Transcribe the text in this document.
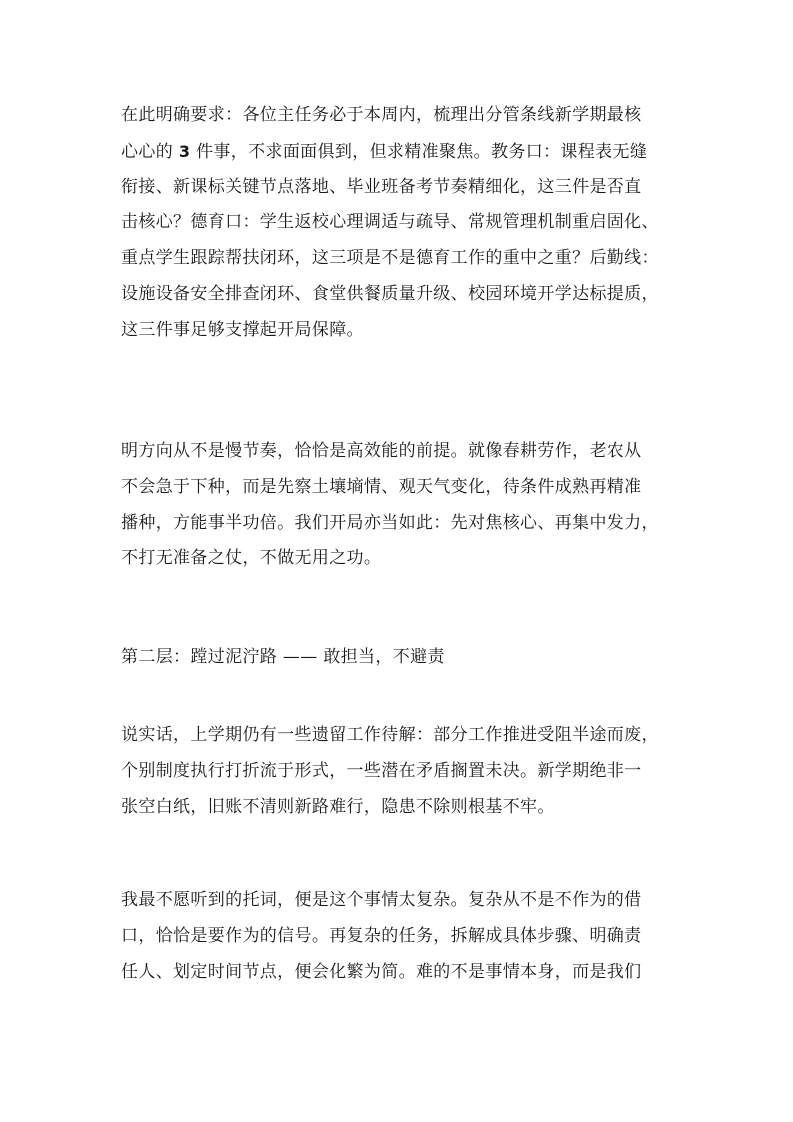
在此明确要求：各位主任务必于本周内，梳理出分管条线新学期最核
心心的 3 件事，不求面面俱到，但求精准聚焦。教务口：课程表无缝
衔接、新课标关键节点落地、毕业班备考节奏精细化，这三件是否直
击核心？德育口：学生返校心理调适与疏导、常规管理机制重启固化、
重点学生跟踪帮扶闭环，这三项是不是德育工作的重中之重？后勤线：
设施设备安全排查闭环、食堂供餐质量升级、校园环境开学达标提质，
这三件事足够支撑起开局保障。
明方向从不是慢节奏，恰恰是高效能的前提。就像春耕劳作，老农从
不会急于下种，而是先察土壤墒情、观天气变化，待条件成熟再精准
播种，方能事半功倍。我们开局亦当如此：先对焦核心、再集中发力，
不打无准备之仗，不做无用之功。
第二层：蹚过泥泞路 —— 敢担当，不避责
说实话，上学期仍有一些遗留工作待解：部分工作推进受阻半途而废，
个别制度执行打折流于形式，一些潜在矛盾搁置未决。新学期绝非一
张空白纸，旧账不清则新路难行，隐患不除则根基不牢。
我最不愿听到的托词，便是这个事情太复杂。复杂从不是不作为的借
口，恰恰是要作为的信号。再复杂的任务，拆解成具体步骤、明确责
任人、划定时间节点，便会化繁为简。难的不是事情本身，而是我们
